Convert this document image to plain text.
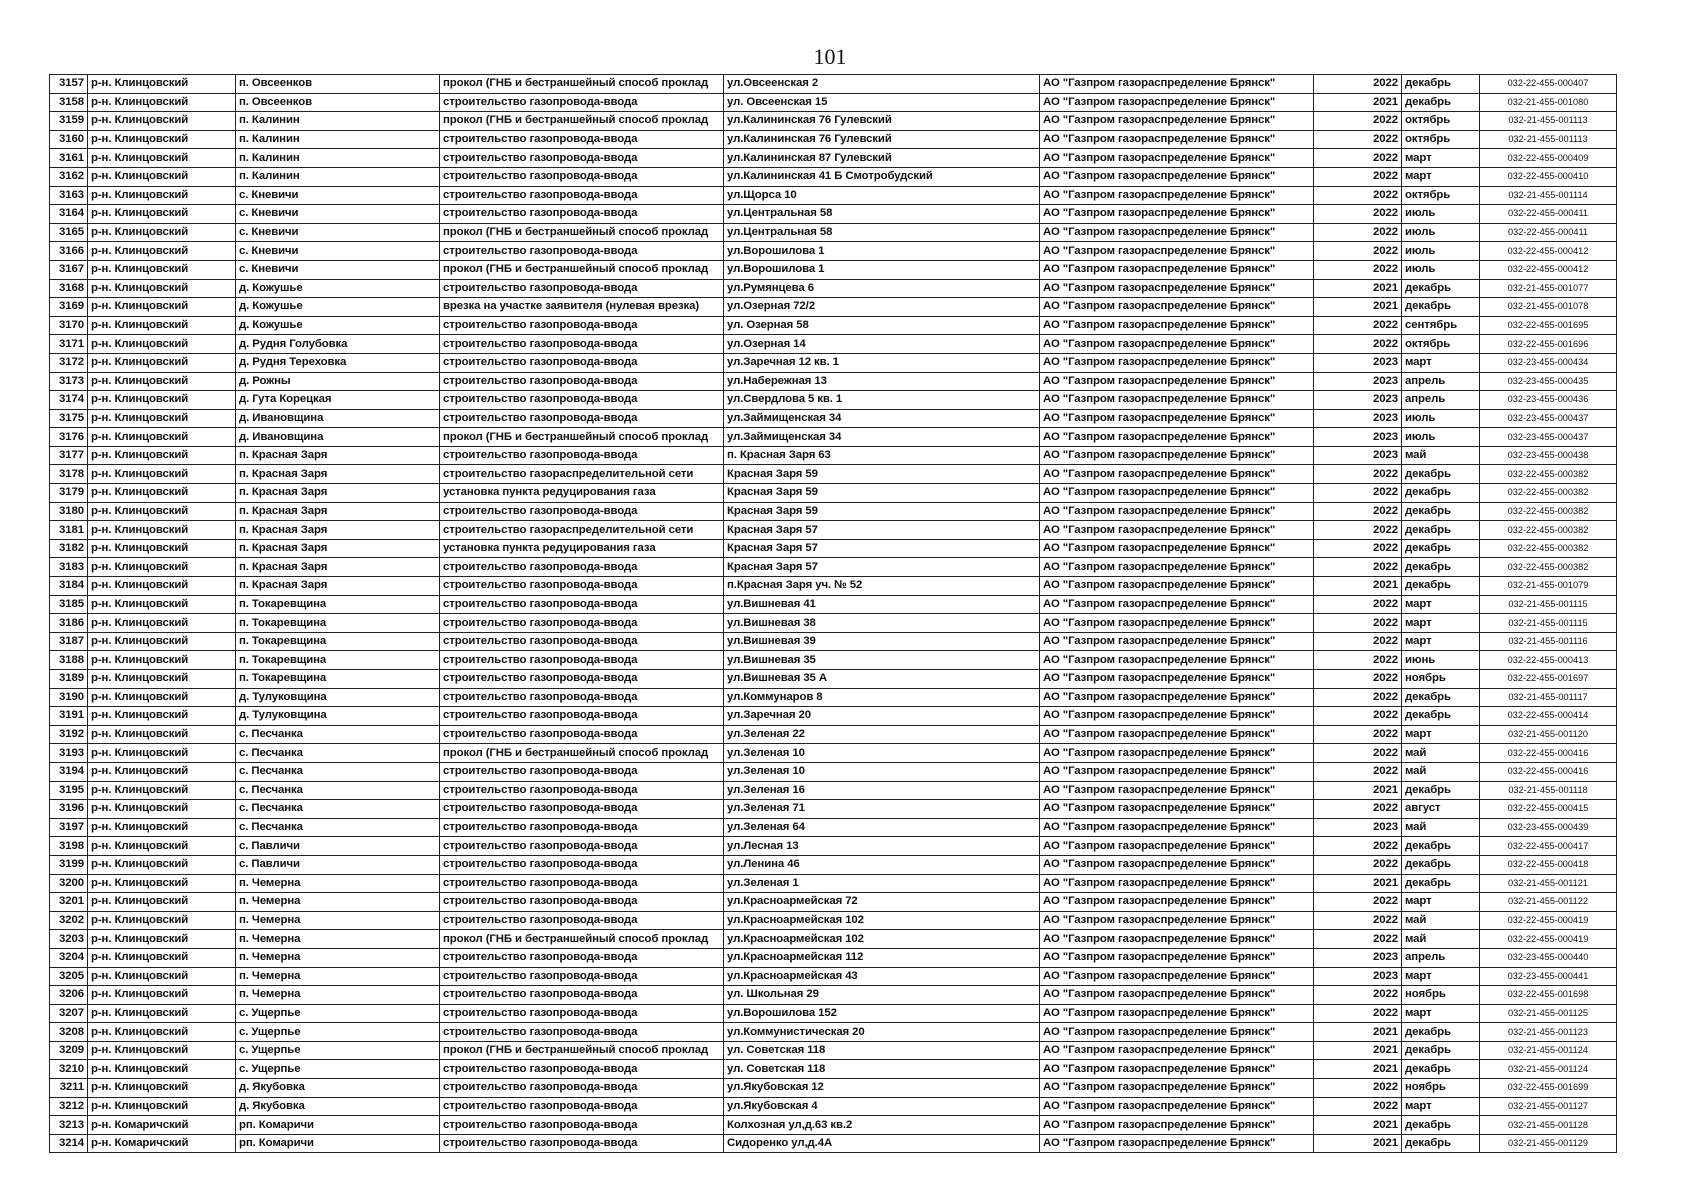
101
3157	р-н. Клинцовский	п. Овсеенков	прокол (ГНБ и бестраншейный способ проклад	ул.Овсеенская 2	АО "Газпром газораспределение Брянск"	2022	декабрь	032-22-455-000407
3158	р-н. Клинцовский	п. Овсеенков	строительство газопровода-ввода	ул. Овсеенская 15	АО "Газпром газораспределение Брянск"	2021	декабрь	032-21-455-001080
3159	р-н. Клинцовский	п. Калинин	прокол (ГНБ и бестраншейный способ проклад	ул.Калининская 76 Гулевский	АО "Газпром газораспределение Брянск"	2022	октябрь	032-21-455-001113
3160	р-н. Клинцовский	п. Калинин	строительство газопровода-ввода	ул.Калининская 76 Гулевский	АО "Газпром газораспределение Брянск"	2022	октябрь	032-21-455-001113
3161	р-н. Клинцовский	п. Калинин	строительство газопровода-ввода	ул.Калининская 87 Гулевский	АО "Газпром газораспределение Брянск"	2022	март	032-22-455-000409
3162	р-н. Клинцовский	п. Калинин	строительство газопровода-ввода	ул.Калининская 41 Б Смотробудский	АО "Газпром газораспределение Брянск"	2022	март	032-22-455-000410
3163	р-н. Клинцовский	с. Кневичи	строительство газопровода-ввода	ул.Щорса 10	АО "Газпром газораспределение Брянск"	2022	октябрь	032-21-455-001114
3164	р-н. Клинцовский	с. Кневичи	строительство газопровода-ввода	ул.Центральная 58	АО "Газпром газораспределение Брянск"	2022	июль	032-22-455-000411
3165	р-н. Клинцовский	с. Кневичи	прокол (ГНБ и бестраншейный способ проклад	ул.Центральная 58	АО "Газпром газораспределение Брянск"	2022	июль	032-22-455-000411
3166	р-н. Клинцовский	с. Кневичи	строительство газопровода-ввода	ул.Ворошилова 1	АО "Газпром газораспределение Брянск"	2022	июль	032-22-455-000412
3167	р-н. Клинцовский	с. Кневичи	прокол (ГНБ и бестраншейный способ проклад	ул.Ворошилова 1	АО "Газпром газораспределение Брянск"	2022	июль	032-22-455-000412
3168	р-н. Клинцовский	д. Кожушье	строительство газопровода-ввода	ул.Румянцева 6	АО "Газпром газораспределение Брянск"	2021	декабрь	032-21-455-001077
3169	р-н. Клинцовский	д. Кожушье	врезка на участке заявителя (нулевая врезка)	ул.Озерная 72/2	АО "Газпром газораспределение Брянск"	2021	декабрь	032-21-455-001078
3170	р-н. Клинцовский	д. Кожушье	строительство газопровода-ввода	ул. Озерная 58	АО "Газпром газораспределение Брянск"	2022	сентябрь	032-22-455-001695
3171	р-н. Клинцовский	д. Рудня Голубовка	строительство газопровода-ввода	ул.Озерная 14	АО "Газпром газораспределение Брянск"	2022	октябрь	032-22-455-001696
3172	р-н. Клинцовский	д. Рудня Тереховка	строительство газопровода-ввода	ул.Заречная 12 кв. 1	АО "Газпром газораспределение Брянск"	2023	март	032-23-455-000434
3173	р-н. Клинцовский	д. Рожны	строительство газопровода-ввода	ул.Набережная 13	АО "Газпром газораспределение Брянск"	2023	апрель	032-23-455-000435
3174	р-н. Клинцовский	д. Гута Корецкая	строительство газопровода-ввода	ул.Свердлова 5 кв. 1	АО "Газпром газораспределение Брянск"	2023	апрель	032-23-455-000436
3175	р-н. Клинцовский	д. Ивановщина	строительство газопровода-ввода	ул.Займищенская 34	АО "Газпром газораспределение Брянск"	2023	июль	032-23-455-000437
3176	р-н. Клинцовский	д. Ивановщина	прокол (ГНБ и бестраншейный способ проклад	ул.Займищенская 34	АО "Газпром газораспределение Брянск"	2023	июль	032-23-455-000437
3177	р-н. Клинцовский	п. Красная Заря	строительство газопровода-ввода	п. Красная Заря 63	АО "Газпром газораспределение Брянск"	2023	май	032-23-455-000438
3178	р-н. Клинцовский	п. Красная Заря	строительство газораспределительной сети	Красная Заря 59	АО "Газпром газораспределение Брянск"	2022	декабрь	032-22-455-000382
3179	р-н. Клинцовский	п. Красная Заря	установка пункта редуцирования газа	Красная Заря 59	АО "Газпром газораспределение Брянск"	2022	декабрь	032-22-455-000382
3180	р-н. Клинцовский	п. Красная Заря	строительство газопровода-ввода	Красная Заря 59	АО "Газпром газораспределение Брянск"	2022	декабрь	032-22-455-000382
3181	р-н. Клинцовский	п. Красная Заря	строительство газораспределительной сети	Красная Заря 57	АО "Газпром газораспределение Брянск"	2022	декабрь	032-22-455-000382
3182	р-н. Клинцовский	п. Красная Заря	установка пункта редуцирования газа	Красная Заря 57	АО "Газпром газораспределение Брянск"	2022	декабрь	032-22-455-000382
3183	р-н. Клинцовский	п. Красная Заря	строительство газопровода-ввода	Красная Заря 57	АО "Газпром газораспределение Брянск"	2022	декабрь	032-22-455-000382
3184	р-н. Клинцовский	п. Красная Заря	строительство газопровода-ввода	п.Красная Заря уч. № 52	АО "Газпром газораспределение Брянск"	2021	декабрь	032-21-455-001079
3185	р-н. Клинцовский	п. Токаревщина	строительство газопровода-ввода	ул.Вишневая 41	АО "Газпром газораспределение Брянск"	2022	март	032-21-455-001115
3186	р-н. Клинцовский	п. Токаревщина	строительство газопровода-ввода	ул.Вишневая 38	АО "Газпром газораспределение Брянск"	2022	март	032-21-455-001115
3187	р-н. Клинцовский	п. Токаревщина	строительство газопровода-ввода	ул.Вишневая 39	АО "Газпром газораспределение Брянск"	2022	март	032-21-455-001116
3188	р-н. Клинцовский	п. Токаревщина	строительство газопровода-ввода	ул.Вишневая 35	АО "Газпром газораспределение Брянск"	2022	июнь	032-22-455-000413
3189	р-н. Клинцовский	п. Токаревщина	строительство газопровода-ввода	ул.Вишневая 35 А	АО "Газпром газораспределение Брянск"	2022	ноябрь	032-22-455-001697
3190	р-н. Клинцовский	д. Тулуковщина	строительство газопровода-ввода	ул.Коммунаров 8	АО "Газпром газораспределение Брянск"	2022	декабрь	032-21-455-001117
3191	р-н. Клинцовский	д. Тулуковщина	строительство газопровода-ввода	ул.Заречная 20	АО "Газпром газораспределение Брянск"	2022	декабрь	032-22-455-000414
3192	р-н. Клинцовский	с. Песчанка	строительство газопровода-ввода	ул.Зеленая 22	АО "Газпром газораспределение Брянск"	2022	март	032-21-455-001120
3193	р-н. Клинцовский	с. Песчанка	прокол (ГНБ и бестраншейный способ проклад	ул.Зеленая 10	АО "Газпром газораспределение Брянск"	2022	май	032-22-455-000416
3194	р-н. Клинцовский	с. Песчанка	строительство газопровода-ввода	ул.Зеленая 10	АО "Газпром газораспределение Брянск"	2022	май	032-22-455-000416
3195	р-н. Клинцовский	с. Песчанка	строительство газопровода-ввода	ул.Зеленая 16	АО "Газпром газораспределение Брянск"	2021	декабрь	032-21-455-001118
3196	р-н. Клинцовский	с. Песчанка	строительство газопровода-ввода	ул.Зеленая 71	АО "Газпром газораспределение Брянск"	2022	август	032-22-455-000415
3197	р-н. Клинцовский	с. Песчанка	строительство газопровода-ввода	ул.Зеленая 64	АО "Газпром газораспределение Брянск"	2023	май	032-23-455-000439
3198	р-н. Клинцовский	с. Павличи	строительство газопровода-ввода	ул.Лесная 13	АО "Газпром газораспределение Брянск"	2022	декабрь	032-22-455-000417
3199	р-н. Клинцовский	с. Павличи	строительство газопровода-ввода	ул.Ленина 46	АО "Газпром газораспределение Брянск"	2022	декабрь	032-22-455-000418
3200	р-н. Клинцовский	п. Чемерна	строительство газопровода-ввода	ул.Зеленая 1	АО "Газпром газораспределение Брянск"	2021	декабрь	032-21-455-001121
3201	р-н. Клинцовский	п. Чемерна	строительство газопровода-ввода	ул.Красноармейская 72	АО "Газпром газораспределение Брянск"	2022	март	032-21-455-001122
3202	р-н. Клинцовский	п. Чемерна	строительство газопровода-ввода	ул.Красноармейская 102	АО "Газпром газораспределение Брянск"	2022	май	032-22-455-000419
3203	р-н. Клинцовский	п. Чемерна	прокол (ГНБ и бестраншейный способ проклад	ул.Красноармейская 102	АО "Газпром газораспределение Брянск"	2022	май	032-22-455-000419
3204	р-н. Клинцовский	п. Чемерна	строительство газопровода-ввода	ул.Красноармейская 112	АО "Газпром газораспределение Брянск"	2023	апрель	032-23-455-000440
3205	р-н. Клинцовский	п. Чемерна	строительство газопровода-ввода	ул.Красноармейская 43	АО "Газпром газораспределение Брянск"	2023	март	032-23-455-000441
3206	р-н. Клинцовский	п. Чемерна	строительство газопровода-ввода	ул. Школьная 29	АО "Газпром газораспределение Брянск"	2022	ноябрь	032-22-455-001698
3207	р-н. Клинцовский	с. Ущерпье	строительство газопровода-ввода	ул.Ворошилова 152	АО "Газпром газораспределение Брянск"	2022	март	032-21-455-001125
3208	р-н. Клинцовский	с. Ущерпье	строительство газопровода-ввода	ул.Коммунистическая 20	АО "Газпром газораспределение Брянск"	2021	декабрь	032-21-455-001123
3209	р-н. Клинцовский	с. Ущерпье	прокол (ГНБ и бестраншейный способ проклад	ул. Советская 118	АО "Газпром газораспределение Брянск"	2021	декабрь	032-21-455-001124
3210	р-н. Клинцовский	с. Ущерпье	строительство газопровода-ввода	ул. Советская 118	АО "Газпром газораспределение Брянск"	2021	декабрь	032-21-455-001124
3211	р-н. Клинцовский	д. Якубовка	строительство газопровода-ввода	ул.Якубовская 12	АО "Газпром газораспределение Брянск"	2022	ноябрь	032-22-455-001699
3212	р-н. Клинцовский	д. Якубовка	строительство газопровода-ввода	ул.Якубовская 4	АО "Газпром газораспределение Брянск"	2022	март	032-21-455-001127
3213	р-н. Комаричский	рп. Комаричи	строительство газопровода-ввода	Колхозная ул,д.63 кв.2	АО "Газпром газораспределение Брянск"	2021	декабрь	032-21-455-001128
3214	р-н. Комаричский	рп. Комаричи	строительство газопровода-ввода	Сидоренко ул,д.4А	АО "Газпром газораспределение Брянск"	2021	декабрь	032-21-455-001129
